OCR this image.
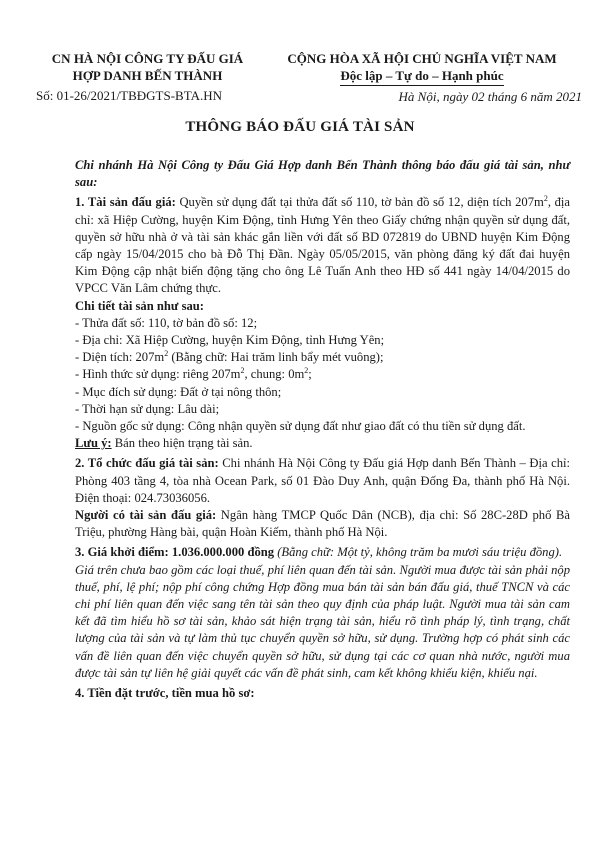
CN HÀ NỘI CÔNG TY ĐẤU GIÁ
HỢP DANH BẾN THÀNH
Số: 01-26/2021/TBĐGTS-BTA.HN
CỘNG HÒA XÃ HỘI CHỦ NGHĨA VIỆT NAM
Độc lập – Tự do – Hạnh phúc
Hà Nội, ngày 02 tháng 6 năm 2021
THÔNG BÁO ĐẤU GIÁ TÀI SẢN

Chi nhánh Hà Nội Công ty Đấu Giá Hợp danh Bến Thành thông báo đấu giá tài sản, như sau:

1. Tài sản đấu giá: Quyền sử dụng đất tại thửa đất số 110, tờ bản đồ số 12, diện tích $207m^2$, địa chỉ: xã Hiệp Cường, huyện Kim Động, tỉnh Hưng Yên theo Giấy chứng nhận quyền sử dụng đất, quyền sở hữu nhà ở và tài sản khác gắn liền với đất số BD 072819 do UBND huyện Kim Động cấp ngày 15/04/2015 cho bà Đỗ Thị Đần. Ngày 05/05/2015, văn phòng đăng ký đất đai huyện Kim Động cập nhật biến động tặng cho ông Lê Tuấn Anh theo HĐ số 441 ngày 14/04/2015 do VPCC Văn Lâm chứng thực.

Chi tiết tài sản như sau:

- Thửa đất số: 110, tờ bản đồ số: 12;

- Địa chỉ: Xã Hiệp Cường, huyện Kim Động, tỉnh Hưng Yên;

- Diện tích: $207m^2$ (Bằng chữ: Hai trăm linh bẩy mét vuông);

- Hình thức sử dụng: riêng $207m^2$, chung: $0m^2$;

- Mục đích sử dụng: Đất ở tại nông thôn;

- Thời hạn sử dụng: Lâu dài;

- Nguồn gốc sử dụng: Công nhận quyền sử dụng đất như giao đất có thu tiền sử dụng đất.

Lưu ý: Bán theo hiện trạng tài sản.

2. Tổ chức đấu giá tài sản: Chi nhánh Hà Nội Công ty Đấu giá Hợp danh Bến Thành – Địa chỉ: Phòng 403 tầng 4, tòa nhà Ocean Park, số 01 Đào Duy Anh, quận Đống Đa, thành phố Hà Nội. Điện thoại: 024.73036056.

Người có tài sản đấu giá: Ngân hàng TMCP Quốc Dân (NCB), địa chỉ: Số 28C-28D phố Bà Triệu, phường Hàng bài, quận Hoàn Kiếm, thành phố Hà Nội.

3. Giá khởi điểm: 1.036.000.000 đồng (Bằng chữ: Một tỷ, không trăm ba mươi sáu triệu đồng).

Giá trên chưa bao gồm các loại thuế, phí liên quan đến tài sản. Người mua được tài sản phải nộp thuế, phí, lệ phí; nộp phí công chứng Hợp đồng mua bán tài sản bán đấu giá, thuế TNCN và các chi phí liên quan đến việc sang tên tài sản theo quy định của pháp luật. Người mua tài sản cam kết đã tìm hiểu hồ sơ tài sản, khảo sát hiện trạng tài sản, hiểu rõ tình pháp lý, tình trạng, chất lượng của tài sản và tự làm thủ tục chuyển quyền sở hữu, sử dụng. Trường hợp có phát sinh các vấn đề liên quan đến việc chuyển quyền sở hữu, sử dụng tại các cơ quan nhà nước, người mua được tài sản tự liên hệ giải quyết các vấn đề phát sinh, cam kết không khiếu kiện, khiếu nại.

4. Tiền đặt trước, tiền mua hồ sơ:
